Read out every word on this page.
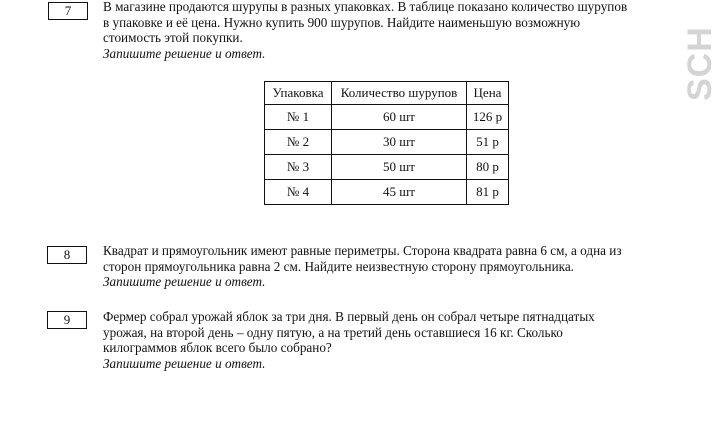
7	В магазине продаются шурупы в разных упаковках. В таблице показано количество шурупов
в упаковке и её цена. Нужно купить 900 шурупов. Найдите наименьшую возможную
стоимость этой покупки.
Запишите решение и ответ.

Упаковка	Количество шурупов	Цена
№ 1	60 шт	126 р
№ 2	30 шт	51 р
№ 3	50 шт	80 р
№ 4	45 шт	81 р
8	Квадрат и прямоугольник имеют равные периметры. Сторона квадрата равна 6 см, а одна из
сторон прямоугольника равна 2 см. Найдите неизвестную сторону прямоугольника.
Запишите решение и ответ.

9	Фермер собрал урожай яблок за три дня. В первый день он собрал четыре пятнадцатых
урожая, на второй день – одну пятую, а на третий день оставшиеся 16 кг. Сколько
килограммов яблок всего было собрано?
Запишите решение и ответ.

SCH
